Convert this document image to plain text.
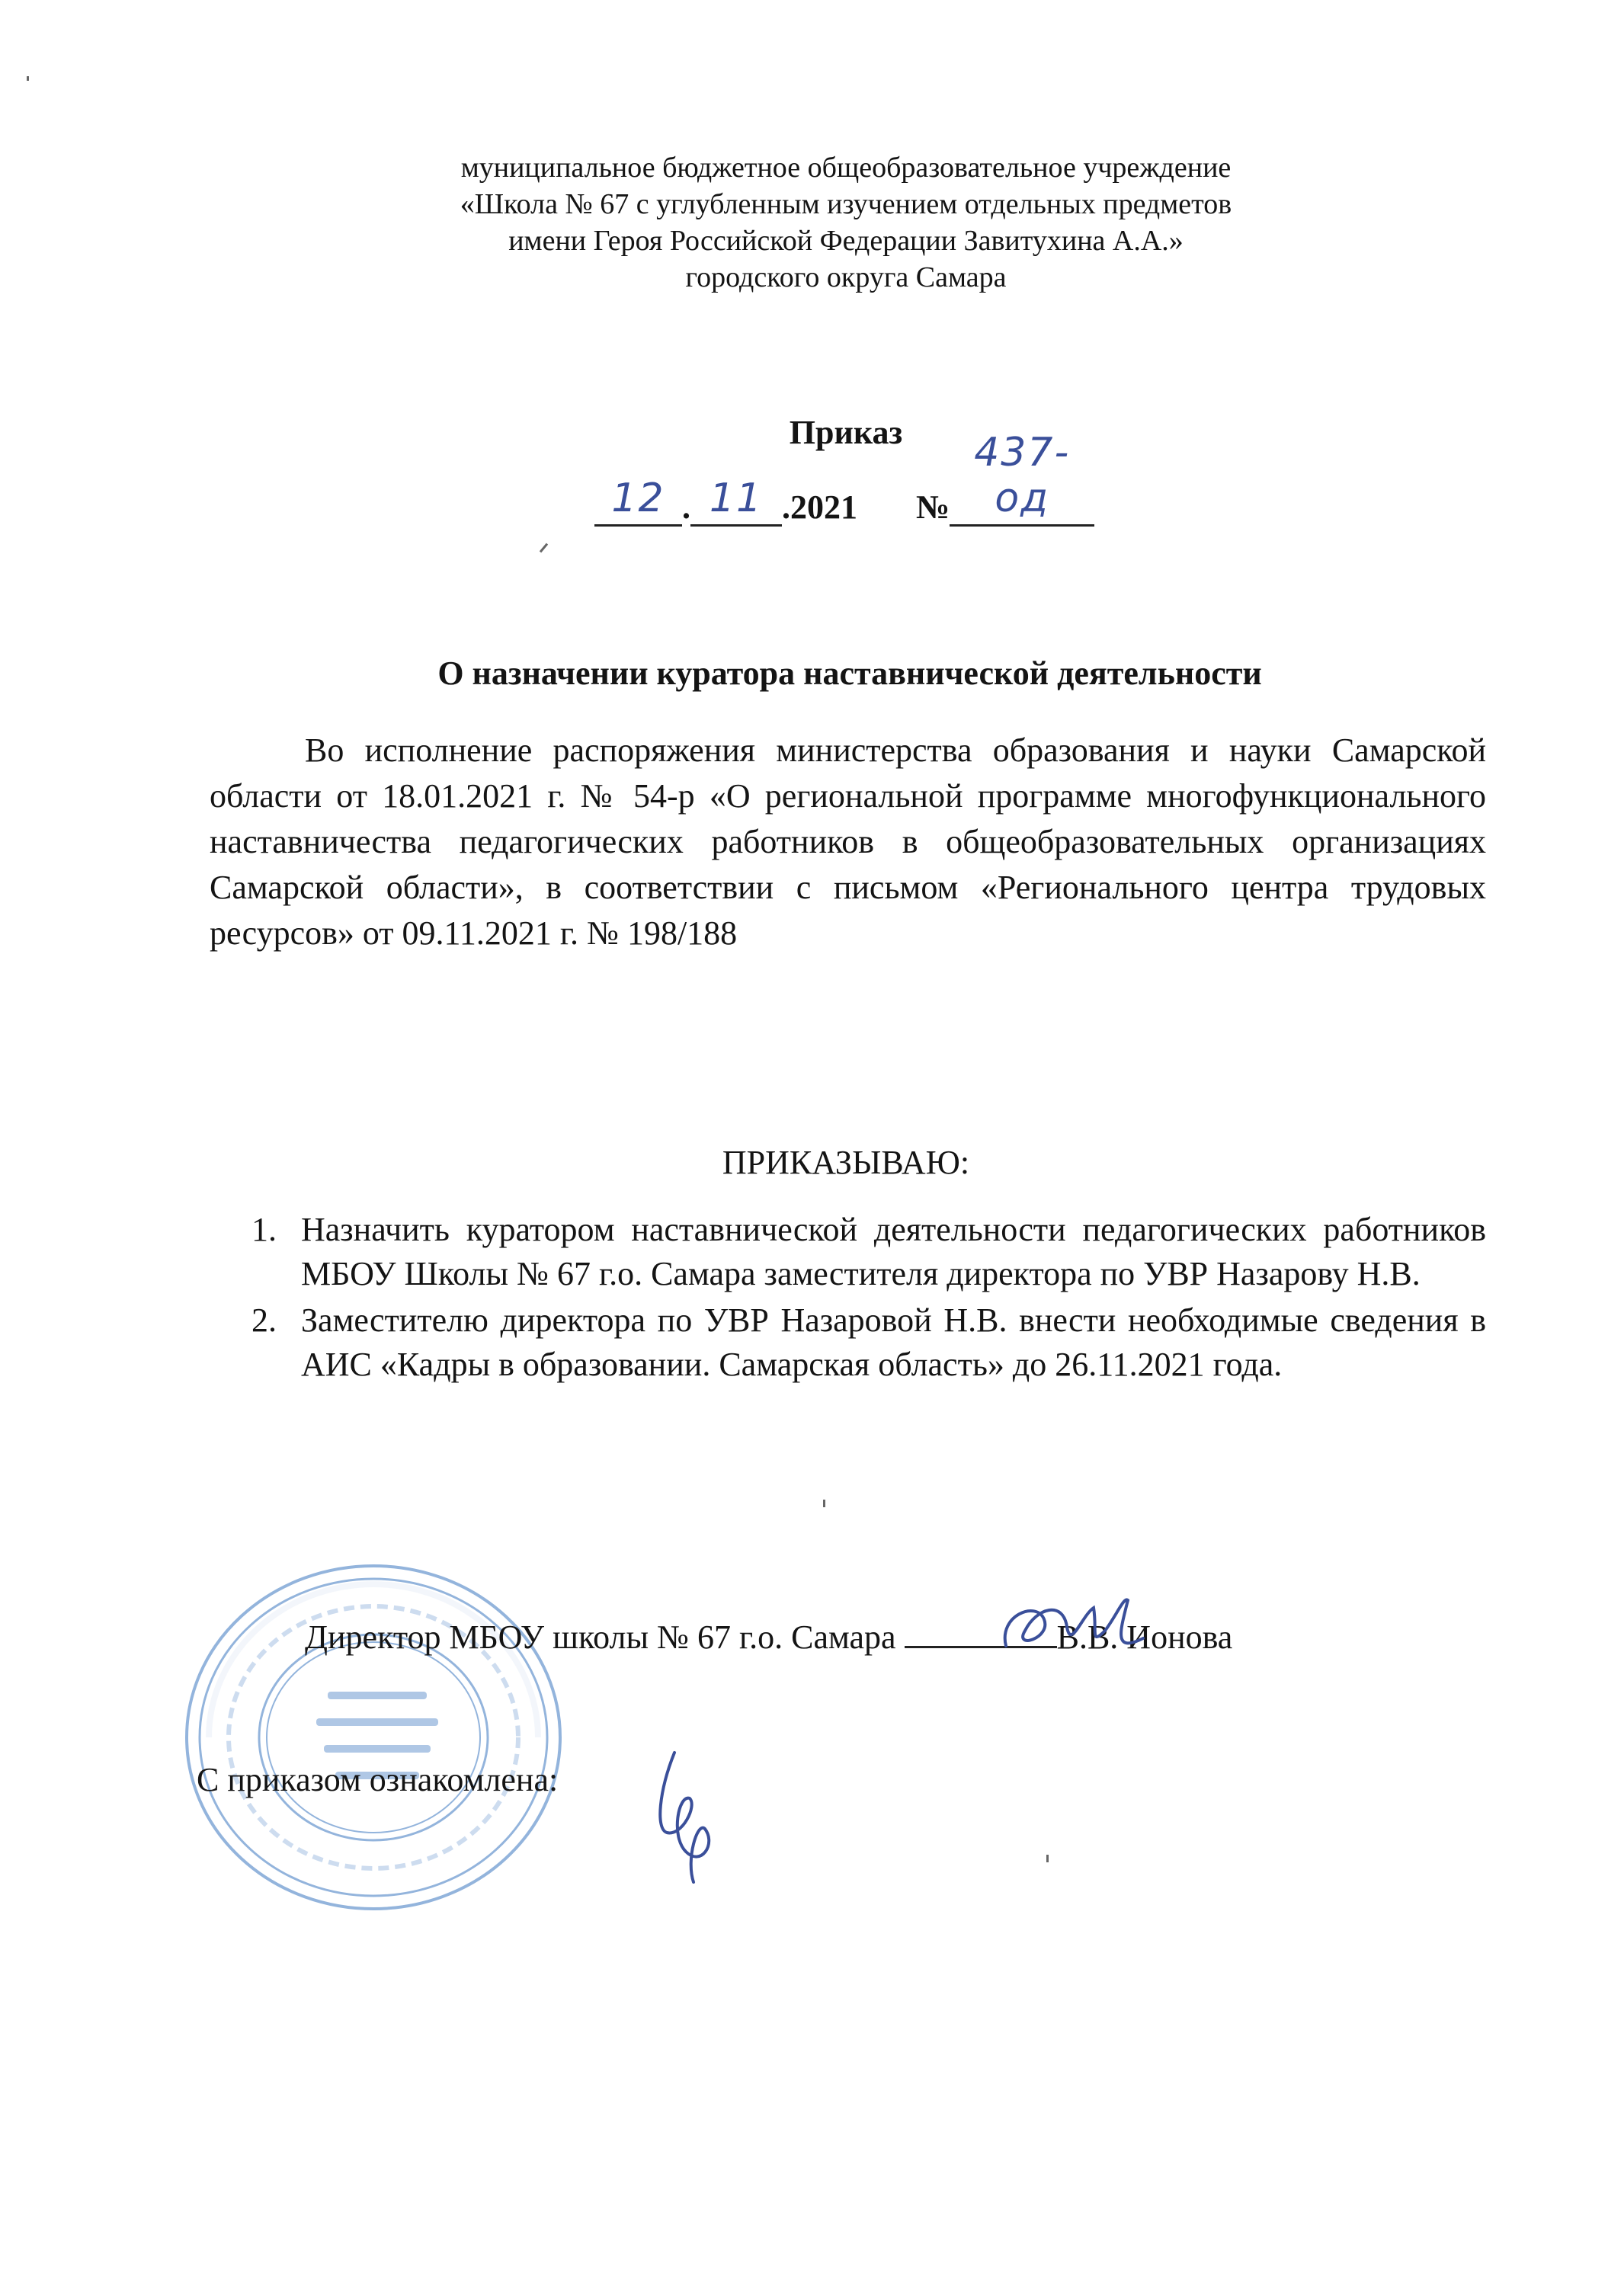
муниципальное бюджетное общеобразовательное учреждение
«Школа № 67 с углубленным изучением отдельных предметов
имени Героя Российской Федерации Завитухина А.А.»
городского округа Самара
Приказ
12 . 11 .2021 №
437-од
О назначении куратора наставнической деятельности
Во исполнение распоряжения министерства образования и науки Самарской области от 18.01.2021 г. № 54-р «О региональной программе многофункционального наставничества педагогических работников в общеобразовательных организациях Самарской области», в соответствии с письмом «Регионального центра трудовых ресурсов» от 09.11.2021 г. № 198/188
ПРИКАЗЫВАЮ:
1. Назначить куратором наставнической деятельности педагогических работников МБОУ Школы № 67 г.о. Самара заместителя директора по УВР Назарову Н.В.
2. Заместителю директора по УВР Назаровой Н.В. внести необходимые сведения в АИС «Кадры в образовании. Самарская область» до 26.11.2021 года.
Директор МБОУ школы № 67 г.о. Самара	В.В. Ионова
С приказом ознакомлена:
